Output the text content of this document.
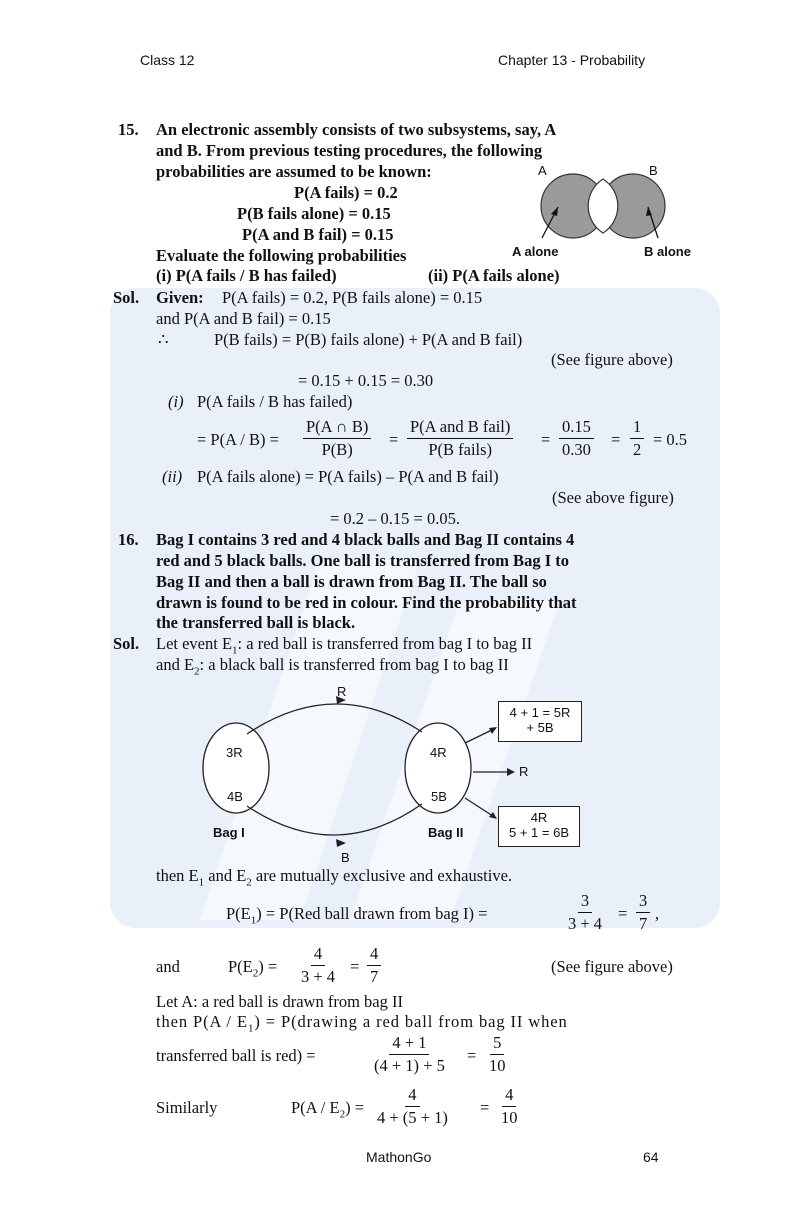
Class 12	Chapter 13 - Probability
15. An electronic assembly consists of two subsystems, say, A
and B. From previous testing procedures, the following
probabilities are assumed to be known:
P(A fails) = 0.2
P(B fails alone) = 0.15
P(A and B fail) = 0.15
Evaluate the following probabilities
(i) P(A fails / B has failed)	(ii) P(A fails alone)
A	B
A alone	B alone
Sol. Given: P(A fails) = 0.2, P(B fails alone) = 0.15
and P(A and B fail) = 0.15
∴	P(B fails) = P(B) fails alone) + P(A and B fail)
(See figure above)
= 0.15 + 0.15 = 0.30
(i) P(A fails / B has failed)
= $P(A / B) = \frac{P(A \cap B)}{P(B)}$ =
P(A and B fail)
P(B fails)
= $\frac{0.15}{0.30} = \frac{1}{2} = 0.5$
(ii) P(A fails alone) = P(A fails) – P(A and B fail)
(See above figure)
= 0.2 – 0.15 = 0.05.
16. Bag I contains 3 red and 4 black balls and Bag II contains 4
red and 5 black balls. One ball is transferred from Bag I to
Bag II and then a ball is drawn from Bag II. The ball so
drawn is found to be red in colour. Find the probability that
the transferred ball is black.
Sol. Let event $E_1$: a red ball is transferred from bag I to bag II
and $E_2$: a black ball is transferred from bag I to bag II
R
B
3R
4B
Bag I
4R
5B
Bag II
4 + 1 = 5R
+ 5B
R
4R
5 + 1 = 6B
then $E_1$ and $E_2$ are mutually exclusive and exhaustive.
$P(E_1) = P(Red$ ball drawn from bag I) =	$\frac{3}{3 + 4} = \frac{3}{7}$ ,
and	$P(E_2) = \frac{4}{3 + 4} = \frac{4}{7}$	(See figure above)
Let A: a red ball is drawn from bag II
then $P(A / E_1)$ = P(drawing a red ball from bag II when
transferred ball is red) =	$\frac{4 + 1}{(4 + 1) + 5} = \frac{5}{10}$
Similarly	$P(A / E_2) = \frac{4}{4 + (5 + 1)} = \frac{4}{10}$
MathonGo	64
